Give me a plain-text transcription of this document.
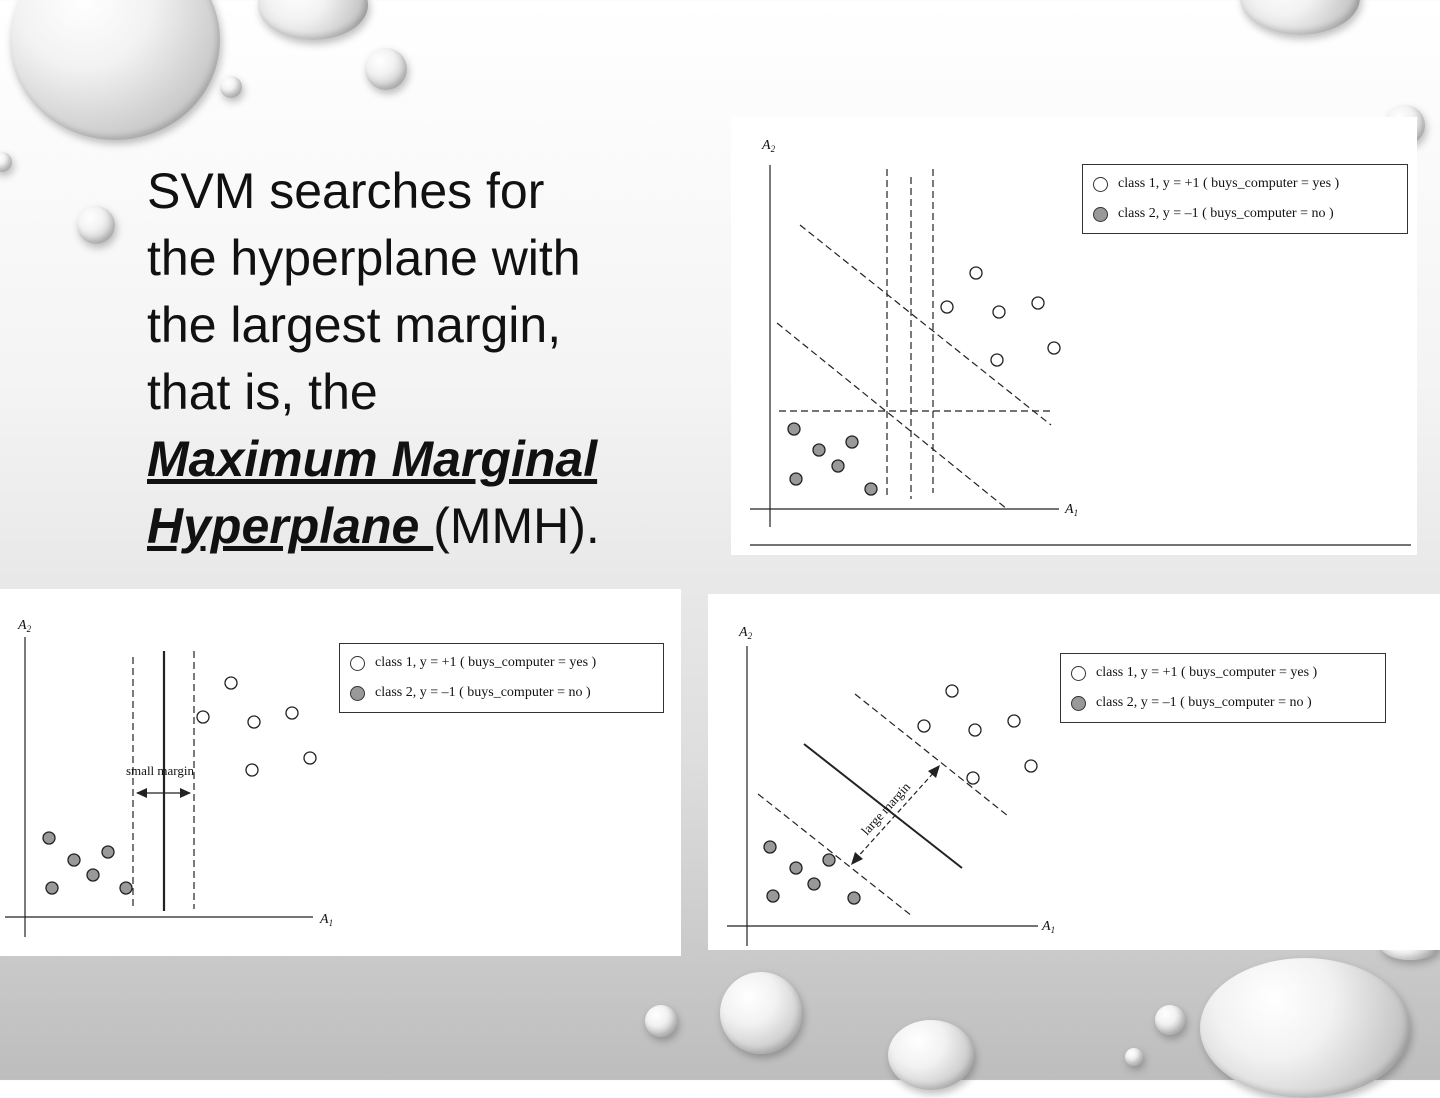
SVM searches for
the hyperplane with
the largest margin,
that is, the
Maximum Marginal
Hyperplane (MMH).
$A_2$
$A_1$
class 1, y = +1 ( buys_computer = yes )
class 2, y = –1 ( buys_computer = no )
small margin
$A_2$
$A_1$
class 1, y = +1 ( buys_computer = yes )
class 2, y = –1 ( buys_computer = no )
large margin
$A_2$
$A_1$
class 1, y = +1 ( buys_computer = yes )
class 2, y = –1 ( buys_computer = no )
